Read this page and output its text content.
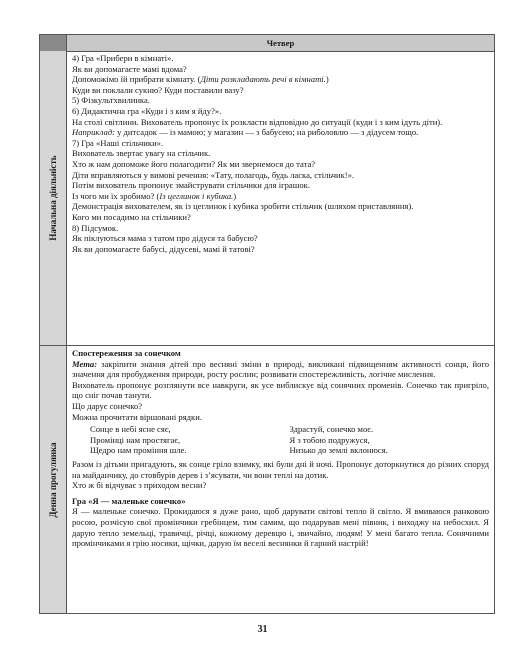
Четвер
Начальна діяльність

4) Гра «Прибери в кімнаті».

Як ви допомагаєте мамі вдома?

Допоможімо їй прибрати кімнату. (Діти розкладають речі в кімнаті.)

Куди ви поклали сукню? Куди поставили вазу?

5) Фізкультхвилинка.

6) Дидактична гра «Куди і з ким я йду?».

На столі світлини. Вихователь пропонує їх розкласти відповідно до ситуації (куди і з ким ідуть діти).

Наприклад: у дитсадок — із мамою; у магазин — з бабусею; на риболовлю — з дідусем тощо.

7) Гра «Наші стільчики».

Вихователь звертає увагу на стільчик.

Хто ж нам допоможе його полагодити? Як ми звернемося до тата?

Діти вправляються у вимові речення: «Тату, полагодь, будь ласка, стільчик!».

Потім вихователь пропонує змайструвати стільчики для іграшок.

Із чого ми їх зробимо? (Із цеглинок і кубика.)

Демонстрація вихователем, як із цеглинок і кубика зробити стільчик (шляхом приставляння).

Кого ми посадимо на стільчики?

8) Підсумок.

Як піклуються мама з татом про дідуся та бабусю?

Як ви допомагаєте бабусі, дідусеві, мамі й татові?

Денна прогулянка

Спостереження за сонечком

Мета: закріпити знання дітей про весняні зміни в природі, викликані підвищенням активності сонця, його значення для пробудження природи, росту рослин; розвивати спостережливість, логічне мислення.

Вихователь пропонує розглянути все навкруги, як усе виблискує від сонячних променів. Сонечко так пригріло, що сніг почав танути.

Що дарує сонечко?

Можна прочитати віршовані рядки.

Сонце в небі ясне сяє,	Здрастуй, сонечко моє.
Промінці нам простягає,	Я з тобою подружуся,
Щедро нам проміння шле.	Низько до землі вклонюся.

Разом із дітьми пригадують, як сонце гріло взимку, які були дні й ночі. Пропонує доторкнутися до різних споруд на майданчику, до стовбурів дерев і з’ясувати, чи вони теплі на дотик.

Хто ж бі відчуває з приходом весни?

Гра «Я — маленьке сонечко»

Я — маленьке сонечко. Прокидаюся я дуже рано, щоб дарувати світові тепло й світло. Я вмиваюся ранковою росою, розчісую свої промінчики гребінцем, тим самим, що подарував мені півник, і виходжу на небосхил. Я дарую тепло земельці, травичці, річці, кожному деревцю і, звичайно, людям! У мені багато тепла. Сонячними промінчиками я грію носики, щічки, дарую їм веселі веснянки й гарний настрій!

31
